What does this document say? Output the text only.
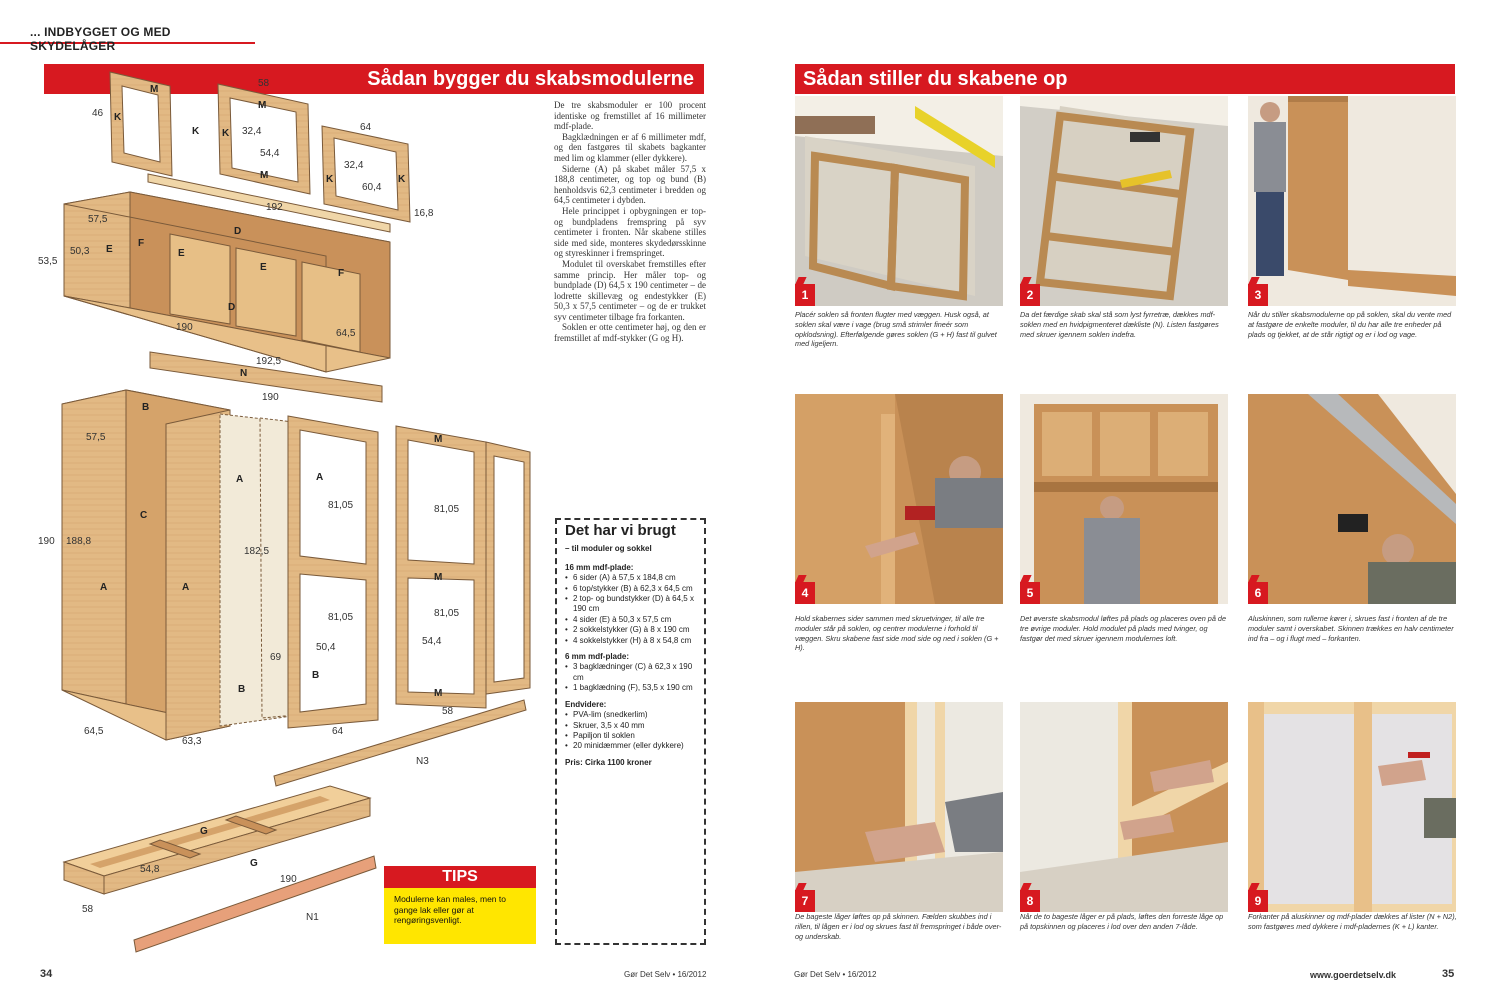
... INDBYGGET OG MED SKYDELÅGER
Sådan bygger du skabsmodulerne
46
58
32,4
54,4
64
32,4
60,4
16,8
57,5
50,3
53,5
192
190
64,5
192,5
190
57,5
190 188,8
182,5
81,05
81,05
81,05
81,05
50,4
54,4
69
64,5
63,3
64
58
54,8
58
190
N1
N3
K
M
K K
M
K
M	K
E
F
E
D
E
F
D
N
B
C
A	A
A	A
M
M
M
B
B
G
G

De tre skabsmoduler er 100 procent identiske og fremstillet af 16 millimeter mdf-plade.

Bagklædningen er af 6 millimeter mdf, og den fastgøres til skabets bagkanter med lim og klammer (eller dykkere).

Siderne (A) på skabet måler 57,5 x 188,8 centimeter, og top og bund (B) henholdsvis 62,3 centimeter i bredden og 64,5 centimeter i dybden.

Hele princippet i opbygningen er top- og bundpladens fremspring på syv centimeter i fronten. Når skabene stilles side med side, monteres skydedørsskinne og styreskinner i fremspringet.

Modulet til overskabet fremstilles efter samme princip. Her måler top- og bundplade (D) 64,5 x 190 centimeter – de lodrette skillevæg og endestykker (E) 50,3 x 57,5 centimeter – og de er trukket syv centimeter tilbage fra forkanten.

Soklen er otte centimeter høj, og den er fremstillet af mdf-stykker (G og H).

Det har vi brugt
– til moduler og sokkel
16 mm mdf-plade:
• 6 sider (A) à 57,5 x 184,8 cm
• 6 top/stykker (B) à 62,3 x 64,5 cm
• 2 top- og bundstykker (D) à 64,5 x 190 cm
• 4 sider (E) à 50,3 x 57,5 cm
• 2 sokkelstykker (G) à 8 x 190 cm
• 4 sokkelstykker (H) à 8 x 54,8 cm
6 mm mdf-plade:
• 3 bagklædninger (C) à 62,3 x 190 cm
• 1 bagklædning (F), 53,5 x 190 cm
Endvidere:
• PVA-lim (snedkerlim)
• Skruer, 3,5 x 40 mm
• Papiljon til soklen
• 20 minidæmmer (eller dykkere)
Pris: Cirka 1100 kroner
TIPS
Modulerne kan males, men to gange lak eller gør at rengøringsvenligt.
34	Gør Det Selv • 16/2012
Sådan stiller du skabene op
1	2	3
Placér soklen så fronten flugter med væggen. Husk også, at soklen skal være i vage (brug små strimler fineér som opklodsning). Efterfølgende gøres soklen (G + H) fast til gulvet med ligeljern.
Da det færdige skab skal stå som lyst fyrretræ, dækkes mdf-soklen med en hvidpigmenteret dækliste (N). Listen fastgøres med skruer igennem soklen indefra.
Når du stiller skabsmodulerne op på soklen, skal du vente med at fastgøre de enkelte moduler, til du har alle tre enheder på plads og tjekket, at de står rigtigt og er i lod og vage.
4	5	6
Hold skabernes sider sammen med skruetvinger, til alle tre moduler står på soklen, og centrer modulerne i forhold til væggen. Skru skabene fast side mod side og ned i soklen (G + H).
Det øverste skabsmodul løftes på plads og placeres oven på de tre øvrige moduler. Hold modulet på plads med tvinger, og fastgør det med skruer igennem modulernes loft.
Aluskinnen, som rullerne kører i, skrues fast i fronten af de tre moduler samt i overskabet. Skinnen trækkes en halv centimeter ind fra – og i flugt med – forkanten.
7	8	9
De bageste låger løftes op på skinnen. Fælden skubbes ind i rillen, til lågen er i lod og skrues fast til fremspringet i både over- og underskab.
Når de to bageste låger er på plads, løftes den forreste låge op på topskinnen og placeres i lod over den anden 7-låde.
Forkanter på aluskinner og mdf-plader dækkes af lister (N + N2), som fastgøres med dykkere i mdf-pladernes (K + L) kanter.
Gør Det Selv • 16/2012	www.goerdetselv.dk	35
